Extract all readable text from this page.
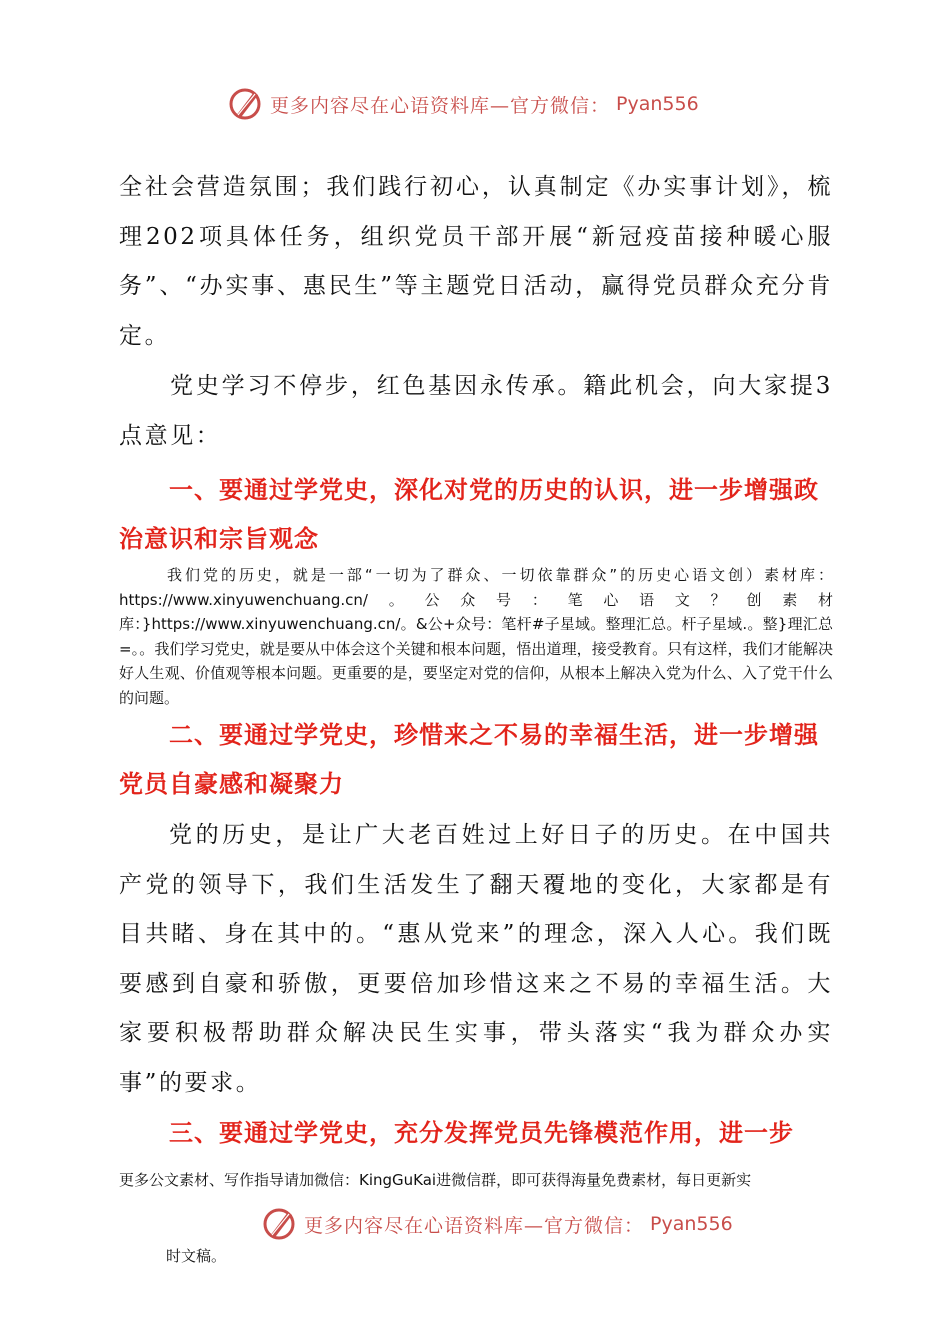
更多内容尽在心语资料库—官方微信： Pyan556
全社会营造氛围；我们践行初心，认真制定《办实事计划》，梳理202项具体任务，组织党员干部开展“新冠疫苗接种暖心服务”、“办实事、惠民生”等主题党日活动，赢得党员群众充分肯定。
党史学习不停步，红色基因永传承。籍此机会，向大家提3点意见：
一、要通过学党史，深化对党的历史的认识，进一步增强政治意识和宗旨观念
我们党的历史，就是一部“一切为了群众、一切依靠群众”的历史心语文创）素材库：https://www.xinyuwenchuang.cn/。公众号：笔心语文？创素材库：}https://www.xinyuwenchuang.cn/。&公+众号：笔杆#子星域。整理汇总。杆子星域.。整}理汇总=。。我们学习党史，就是要从中体会这个关键和根本问题，悟出道理，接受教育。只有这样，我们才能解决好人生观、价值观等根本问题。更重要的是，要坚定对党的信仰，从根本上解决入党为什么、入了党干什么的问题。
二、要通过学党史，珍惜来之不易的幸福生活，进一步增强党员自豪感和凝聚力
党的历史，是让广大老百姓过上好日子的历史。在中国共产党的领导下，我们生活发生了翻天覆地的变化，大家都是有目共睹、身在其中的。“惠从党来”的理念，深入人心。我们既要感到自豪和骄傲，更要倍加珍惜这来之不易的幸福生活。大家要积极帮助群众解决民生实事，带头落实“我为群众办实事”的要求。
三、要通过学党史，充分发挥党员先锋模范作用，进一步
更多公文素材、写作指导请加微信：KingGuKai进微信群，即可获得海量免费素材，每日更新实
更多内容尽在心语资料库—官方微信： Pyan556
时文稿。
